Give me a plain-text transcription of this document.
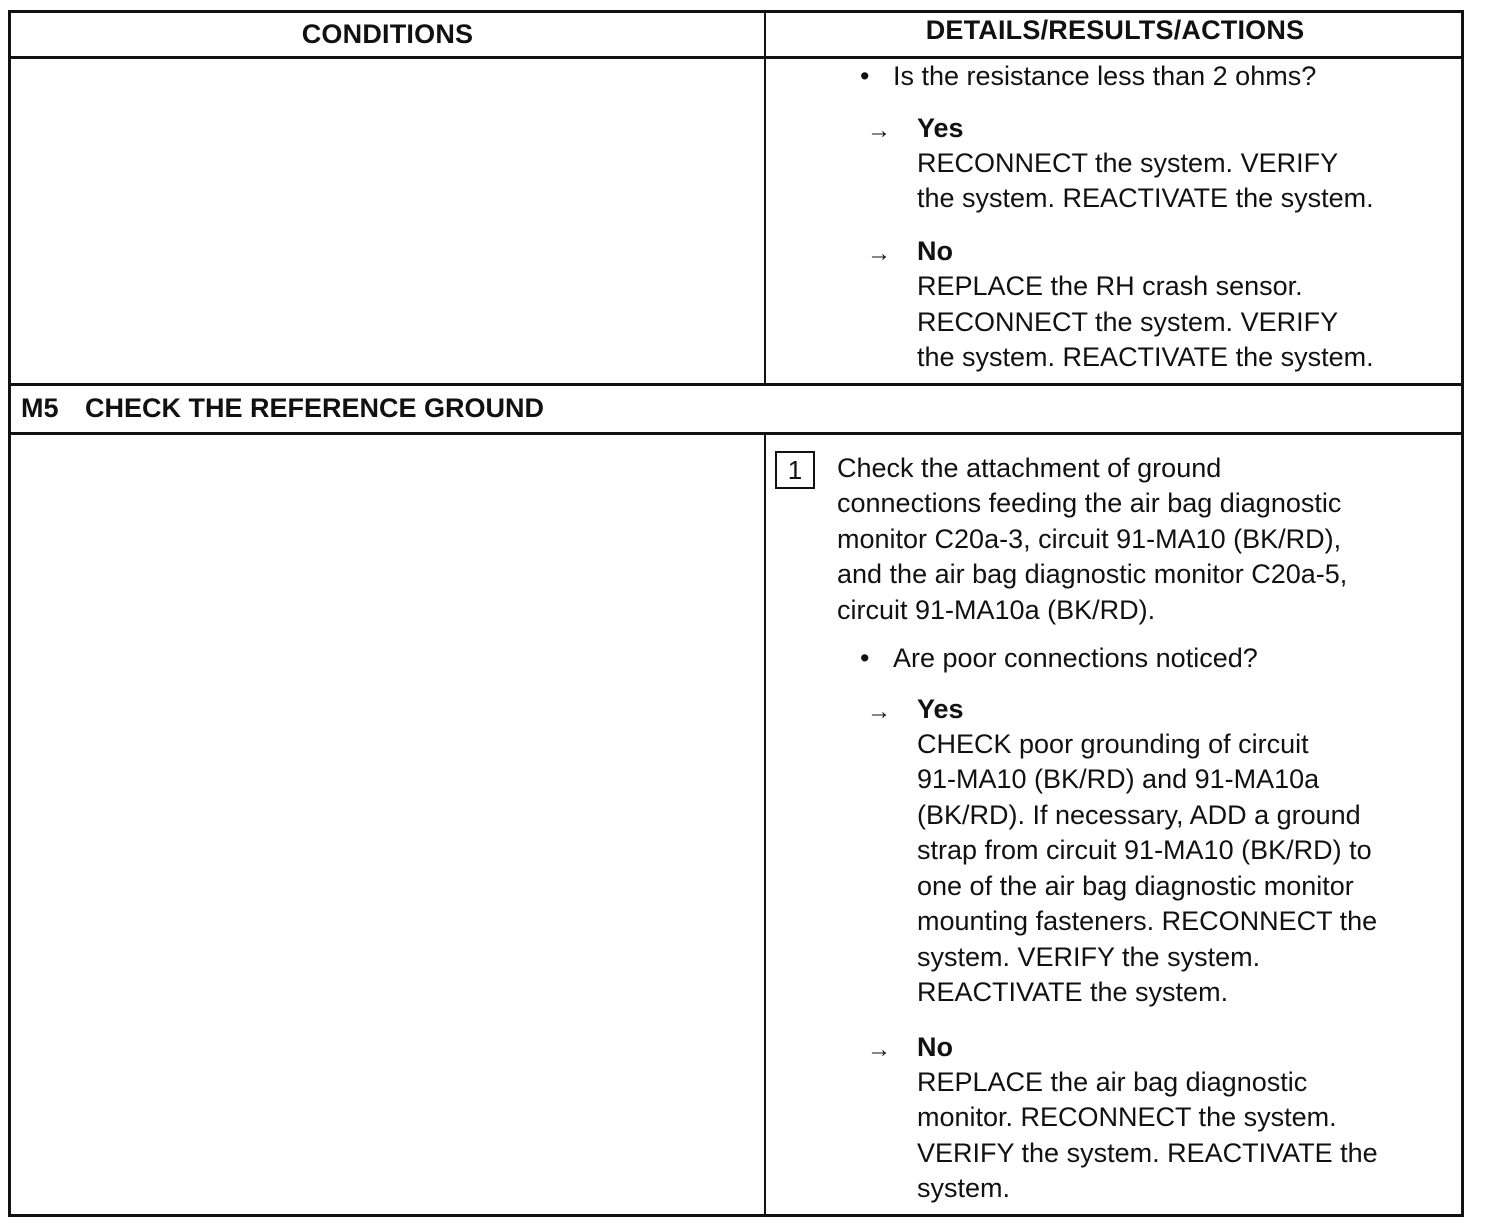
CONDITIONS	DETAILS/RESULTS/ACTIONS
• Is the resistance less than 2 ohms?
→ Yes
RECONNECT the system. VERIFY
the system. REACTIVATE the system.
→ No
REPLACE the RH crash sensor.
RECONNECT the system. VERIFY
the system. REACTIVATE the system.
M5 CHECK THE REFERENCE GROUND
1	Check the attachment of ground
connections feeding the air bag diagnostic
monitor C20a-3, circuit 91-MA10 (BK/RD),
and the air bag diagnostic monitor C20a-5,
circuit 91-MA10a (BK/RD).
• Are poor connections noticed?
→ Yes
CHECK poor grounding of circuit
91-MA10 (BK/RD) and 91-MA10a
(BK/RD). If necessary, ADD a ground
strap from circuit 91-MA10 (BK/RD) to
one of the air bag diagnostic monitor
mounting fasteners. RECONNECT the
system. VERIFY the system.
REACTIVATE the system.
→ No
REPLACE the air bag diagnostic
monitor. RECONNECT the system.
VERIFY the system. REACTIVATE the
system.
